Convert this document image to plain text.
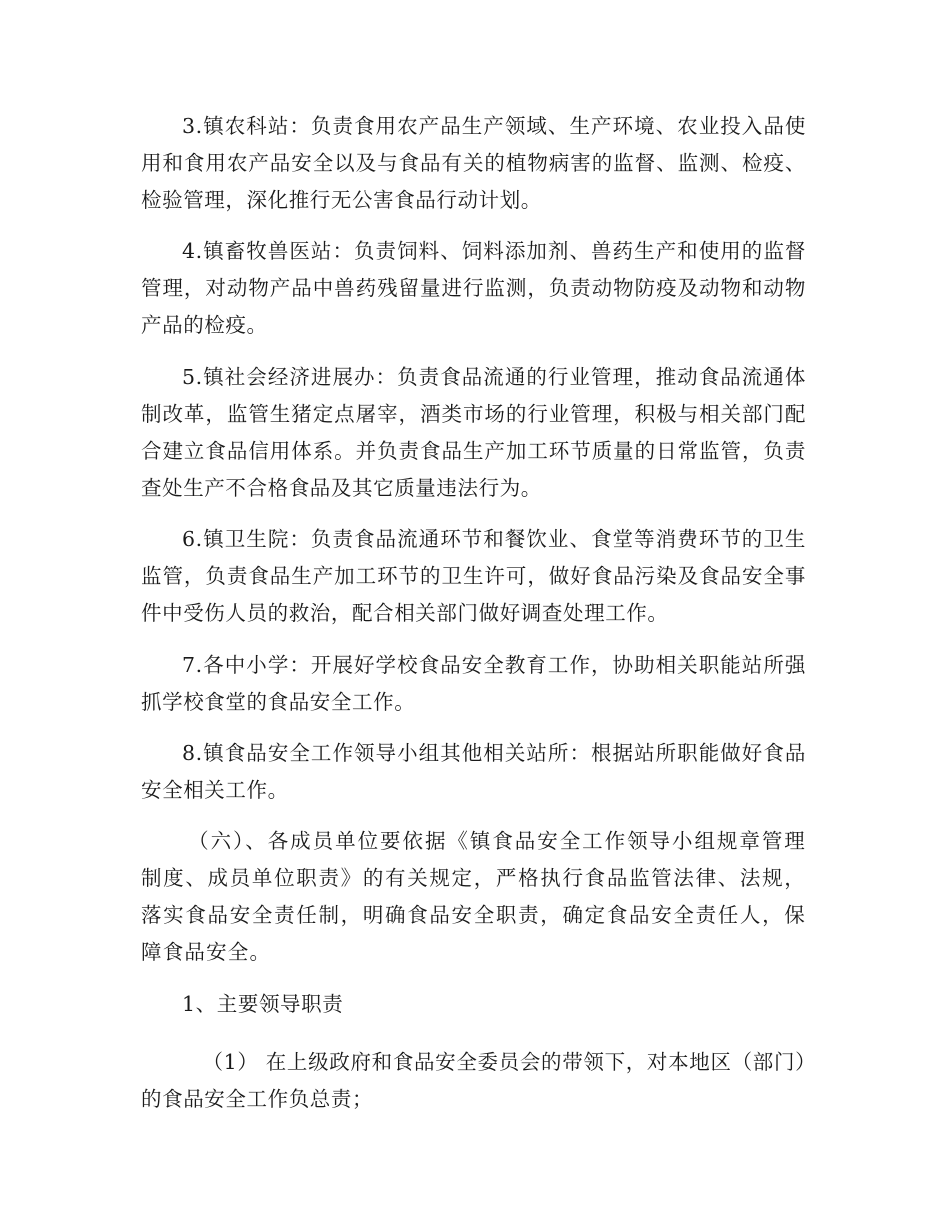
3.镇农科站：负责食用农产品生产领域、生产环境、农业投入品使用和食用农产品安全以及与食品有关的植物病害的监督、监测、检疫、检验管理，深化推行无公害食品行动计划。

4.镇畜牧兽医站：负责饲料、饲料添加剂、兽药生产和使用的监督管理，对动物产品中兽药残留量进行监测，负责动物防疫及动物和动物产品的检疫。

5.镇社会经济进展办：负责食品流通的行业管理，推动食品流通体制改革，监管生猪定点屠宰，酒类市场的行业管理，积极与相关部门配合建立食品信用体系。并负责食品生产加工环节质量的日常监管，负责查处生产不合格食品及其它质量违法行为。

6.镇卫生院：负责食品流通环节和餐饮业、食堂等消费环节的卫生监管，负责食品生产加工环节的卫生许可，做好食品污染及食品安全事件中受伤人员的救治，配合相关部门做好调查处理工作。

7.各中小学：开展好学校食品安全教育工作，协助相关职能站所强抓学校食堂的食品安全工作。

8.镇食品安全工作领导小组其他相关站所：根据站所职能做好食品安全相关工作。

（六）、各成员单位要依据《镇食品安全工作领导小组规章管理制度、成员单位职责》的有关规定，严格执行食品监管法律、法规，落实食品安全责任制，明确食品安全职责，确定食品安全责任人，保障食品安全。

1、主要领导职责

（1） 在上级政府和食品安全委员会的带领下，对本地区（部门）的食品安全工作负总责；
